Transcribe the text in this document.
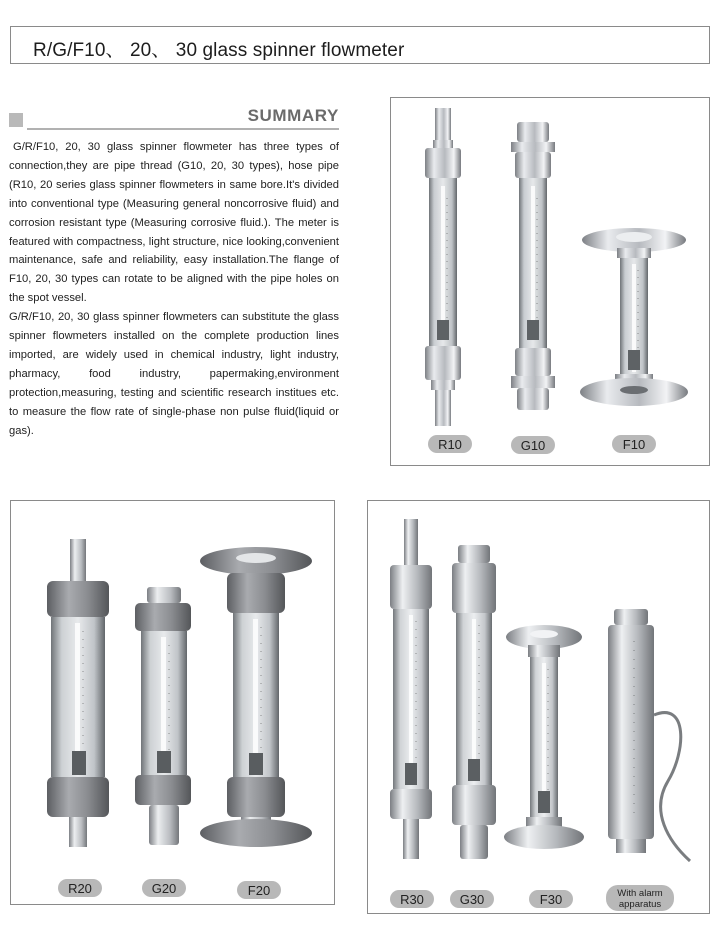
R/G/F10、 20、 30 glass spinner flowmeter
SUMMARY

G/R/F10, 20, 30 glass spinner flowmeter has three types of connection,they are pipe thread (G10, 20, 30 types), hose pipe (R10, 20 series glass spinner flowmeters in same bore.It's divided into conventional type (Measuring general noncorrosive fluid) and corrosion resistant type (Measuring corrosive fluid.). The meter is featured with compactness, light structure, nice looking,convenient maintenance, safe and reliability, easy installation.The flange of F10, 20, 30 types can rotate to be aligned with the pipe holes on the spot vessel.

G/R/F10, 20, 30 glass spinner flowmeters can substitute the glass spinner flowmeters installed on the complete production lines imported, are widely used in chemical industry, light industry, pharmacy, food industry, papermaking,environment protection,measuring, testing and scientific research institues etc. to measure the flow rate of single-phase non pulse fluid(liquid or gas).

R10	G10	F10
R20	G20	F20
R30	G30	F30	With alarm
apparatus
